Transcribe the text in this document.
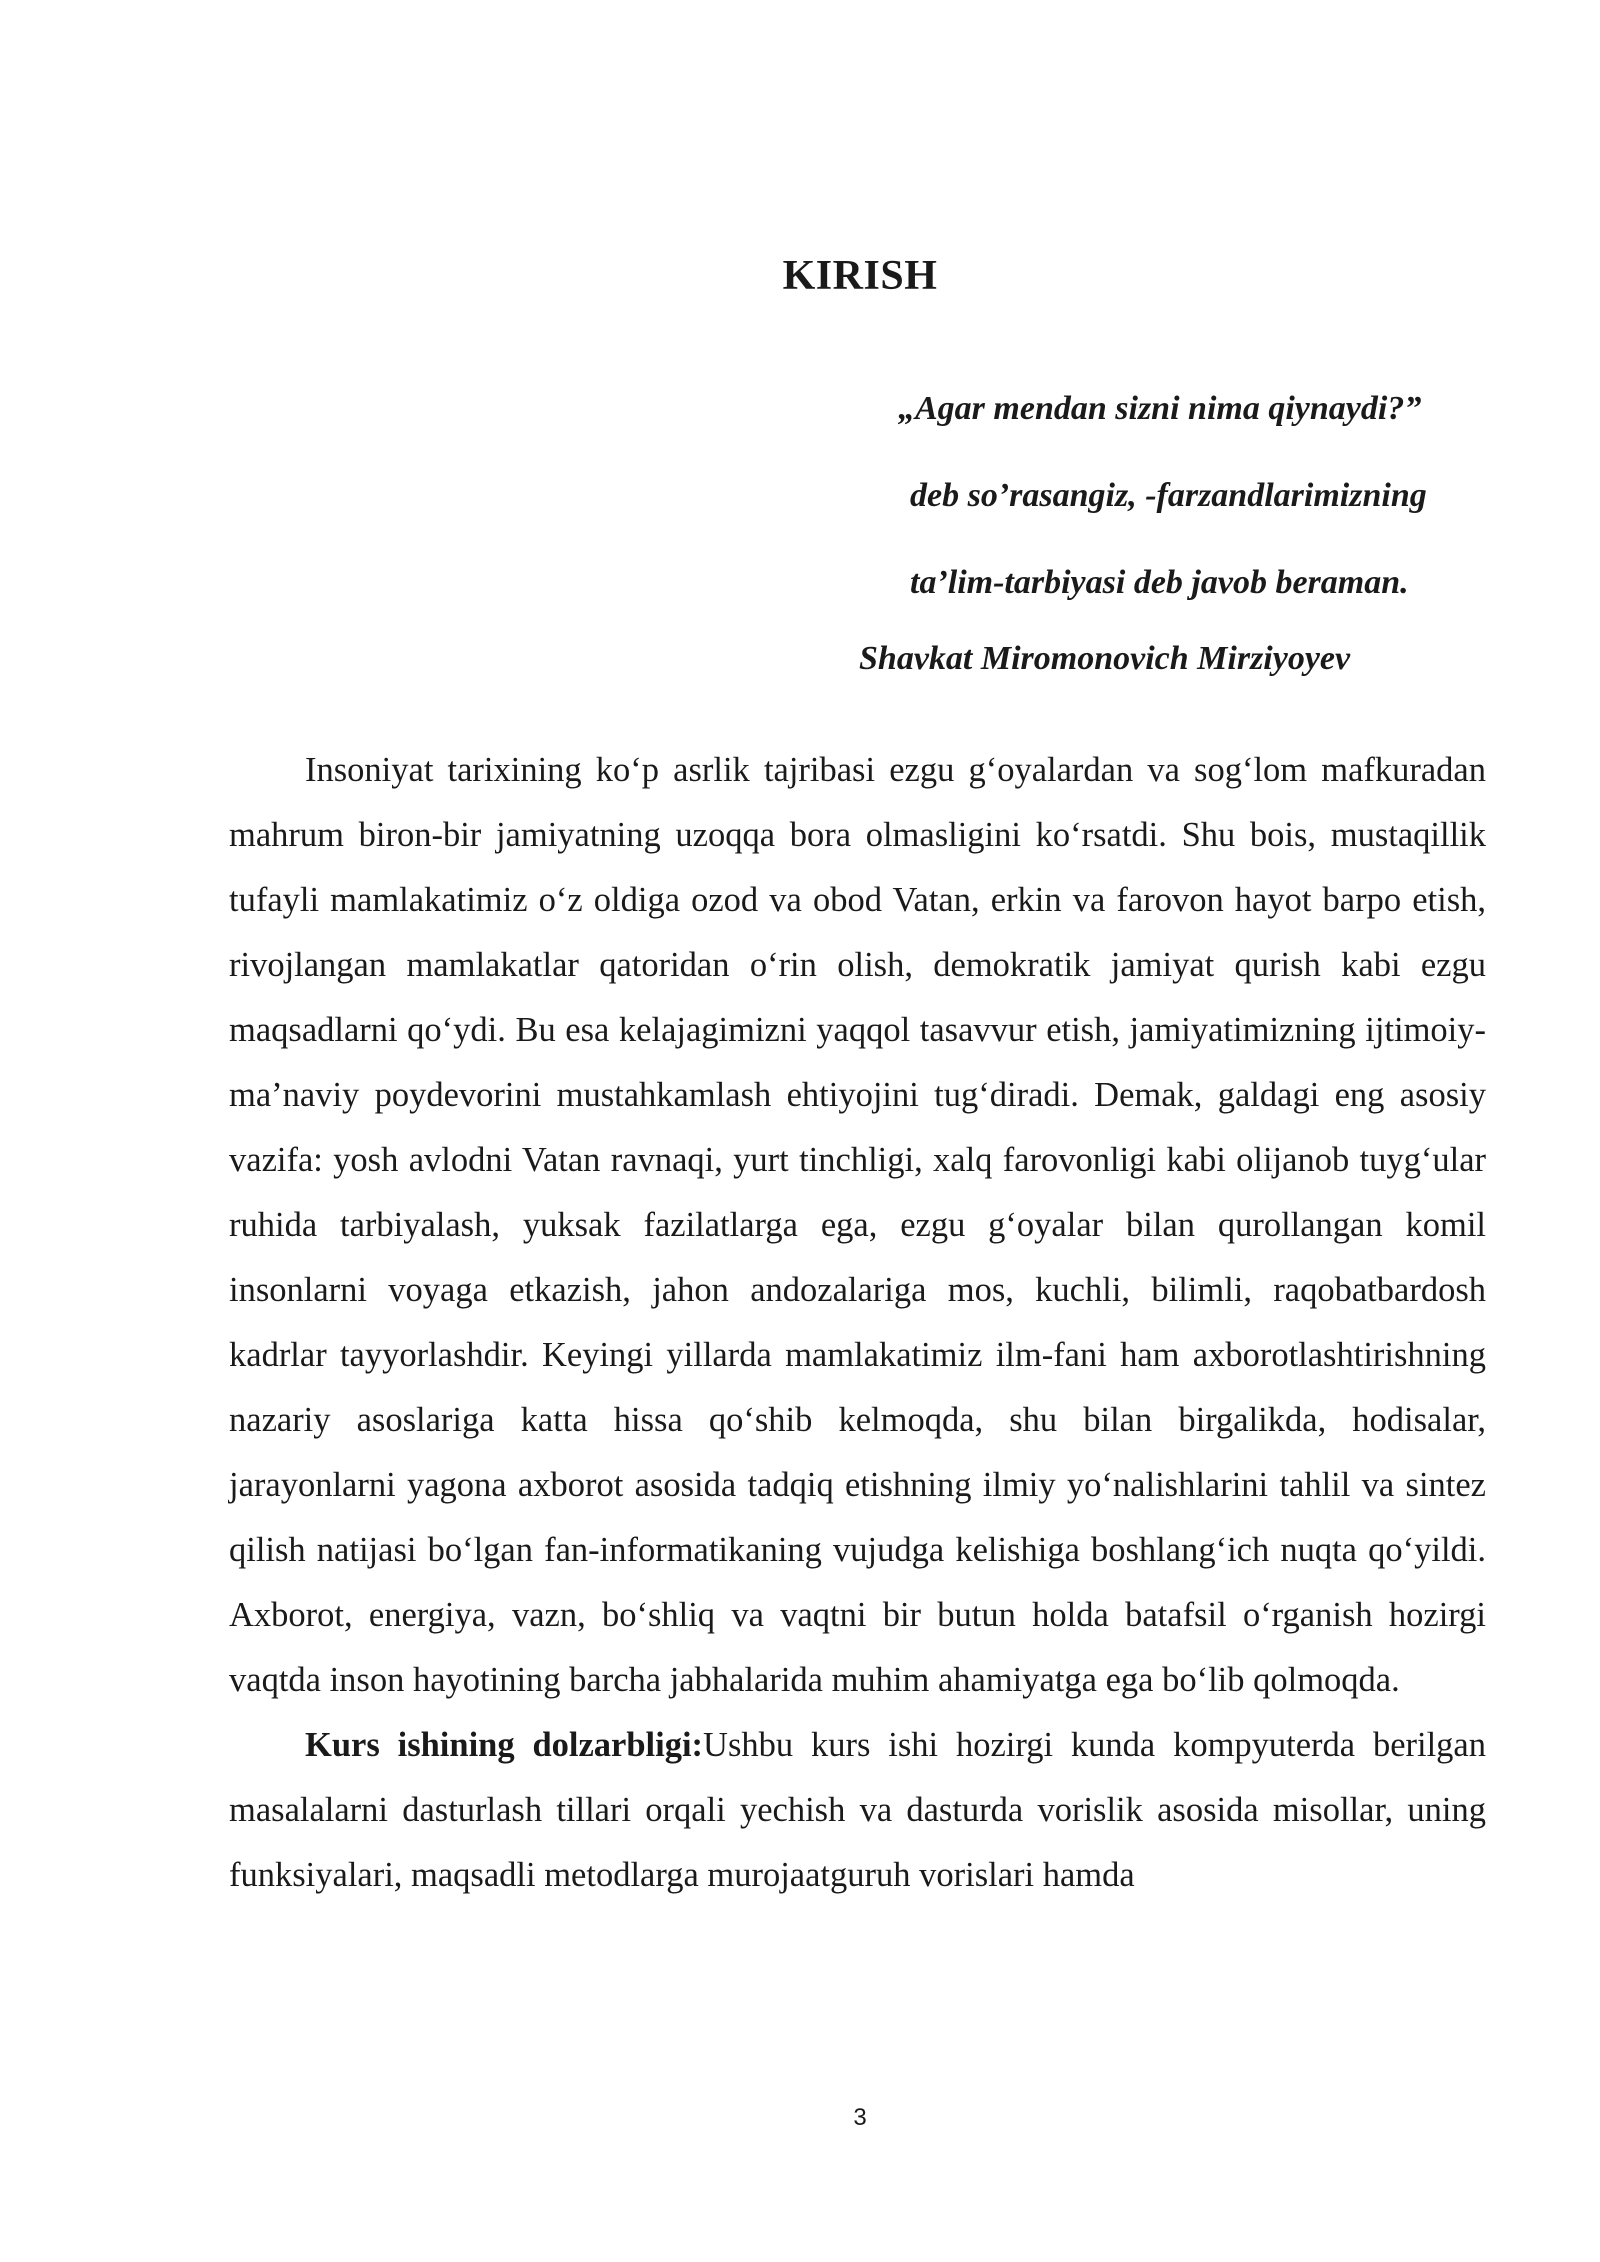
KIRISH
„Agar mendan sizni nima qiynaydi?”
deb so’rasangiz, -farzandlarimizning
ta’lim-tarbiyasi deb javob beraman.
Shavkat Miromonovich Mirziyoyev

Insoniyat tarixining ko‘p asrlik tajribasi ezgu g‘oyalardan va sog‘lom mafkuradan mahrum biron-bir jamiyatning uzoqqa bora olmasligini ko‘rsatdi. Shu bois, mustaqillik tufayli mamlakatimiz o‘z oldiga ozod va obod Vatan, erkin va farovon hayot barpo etish, rivojlangan mamlakatlar qatoridan o‘rin olish, demokratik jamiyat qurish kabi ezgu maqsadlarni qo‘ydi. Bu esa kelajagimizni yaqqol tasavvur etish, jamiyatimizning ijtimoiy-ma’naviy poydevorini mustahkamlash ehtiyojini tug‘diradi. Demak, galdagi eng asosiy vazifa: yosh avlodni Vatan ravnaqi, yurt tinchligi, xalq farovonligi kabi olijanob tuyg‘ular ruhida tarbiyalash, yuksak fazilatlarga ega, ezgu g‘oyalar bilan qurollangan komil insonlarni voyaga etkazish, jahon andozalariga mos, kuchli, bilimli, raqobatbardosh kadrlar tayyorlashdir. Keyingi yillarda mamlakatimiz ilm-fani ham axborotlashtirishning nazariy asoslariga katta hissa qo‘shib kelmoqda, shu bilan birgalikda, hodisalar, jarayonlarni yagona axborot asosida tadqiq etishning ilmiy yo‘nalishlarini tahlil va sintez qilish natijasi bo‘lgan fan-informatikaning vujudga kelishiga boshlang‘ich nuqta qo‘yildi. Axborot, energiya, vazn, bo‘shliq va vaqtni bir butun holda batafsil o‘rganish hozirgi vaqtda inson hayotining barcha jabhalarida muhim ahamiyatga ega bo‘lib qolmoqda.

Kurs ishining dolzarbligi:Ushbu kurs ishi hozirgi kunda kompyuterda berilgan masalalarni dasturlash tillari orqali yechish va dasturda vorislik asosida misollar, uning funksiyalari, maqsadli metodlarga murojaatguruh vorislari hamda

3
